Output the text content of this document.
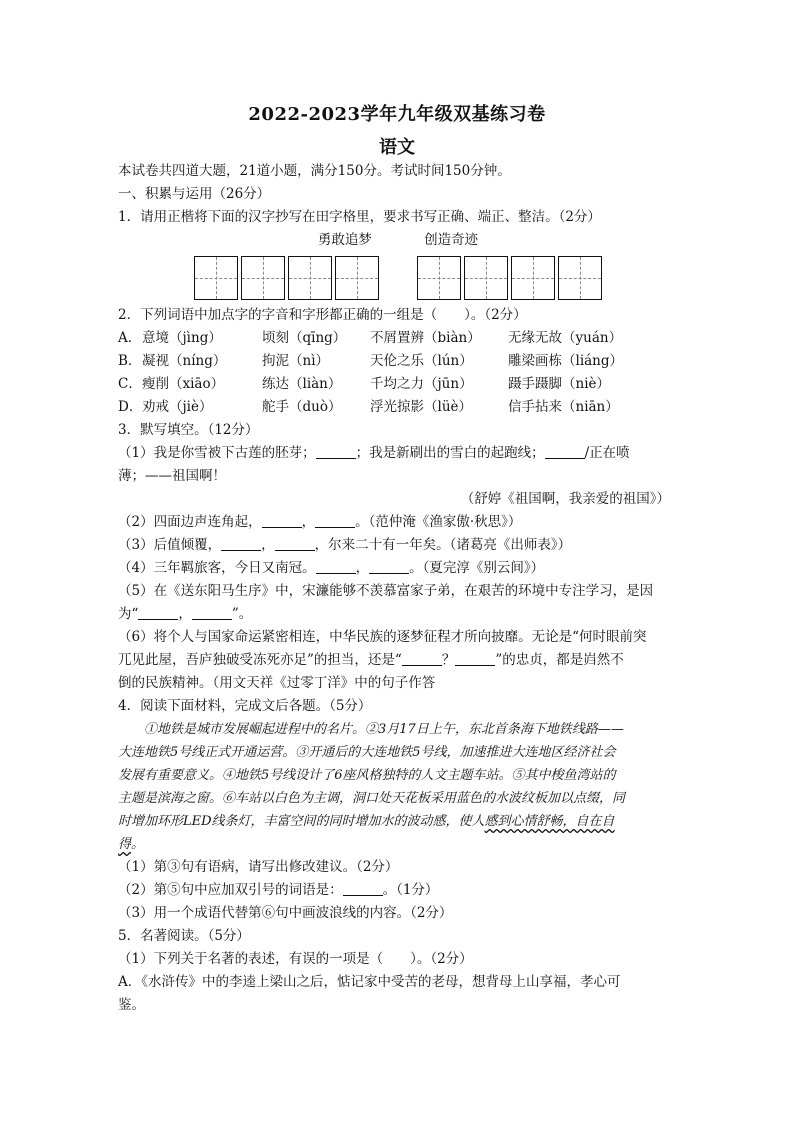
2022-2023学年九年级双基练习卷
语文
本试卷共四道大题，21道小题，满分150分。考试时间150分钟。
一、积累与运用（26分）
1．请用正楷将下面的汉字抄写在田字格里，要求书写正确、端正、整洁。（2分）
勇敢追梦	创造奇迹
2．下列词语中加点字的字音和字形都正确的一组是（　　）。（2分）
A． 意境（jìng）	顷刻（qīng）	不屑置辨（biàn）	无缘无故（yuán）
B． 凝视（níng）	拘泥（nì）	天伦之乐（lún）	雕梁画栋（liáng）
C． 瘦削（xiāo）	练达（liàn）	千均之力（jūn）	蹑手蹑脚（niè）
D． 劝戒（jiè）	舵手（duò）	浮光掠影（lüè）	信手拈来（niān）
3．默写填空。（12分）
（1）我是你雪被下古莲的胚芽；	；我是新刷出的雪白的起跑线；	/正在喷
薄；——祖国啊！
（舒婷《祖国啊，我亲爱的祖国》）
（2）四面边声连角起，	，	。（范仲淹《渔家傲·秋思》）
（3）后值倾覆，	，	，尔来二十有一年矣。（诸葛亮《出师表》）
（4）三年羁旅客，今日又南冠。	，	。（夏完淳《别云间》）
（5）在《送东阳马生序》中，宋濂能够不羡慕富家子弟，在艰苦的环境中专注学习，是因
为“	，	”。
（6）将个人与国家命运紧密相连，中华民族的逐梦征程才所向披靡。无论是“何时眼前突
兀见此屋，吾庐独破受冻死亦足”的担当，还是“	？	”的忠贞，都是岿然不
倒的民族精神。（用文天祥《过零丁洋》中的句子作答
4．阅读下面材料，完成文后各题。（5分）
①地铁是城市发展崛起进程中的名片。②3月17日上午，东北首条海下地铁线路——
大连地铁5号线正式开通运营。③开通后的大连地铁5号线，加速推进大连地区经济社会
发展有重要意义。④地铁5号线设计了6座风格独特的人文主题车站。⑤其中梭鱼湾站的
主题是滨海之窗。⑥车站以白色为主调，洞口处天花板采用蓝色的水波纹板加以点缀，同
时增加环形LED线条灯，丰富空间的同时增加水的波动感，使人感到心情舒畅，自在自
得。
（1）第③句有语病，请写出修改建议。（2分）
（2）第⑤句中应加双引号的词语是：	。（1分）
（3）用一个成语代替第⑥句中画波浪线的内容。（2分）
5．名著阅读。（5分）
（1）下列关于名著的表述，有误的一项是（　　）。（2分）
A．《水浒传》中的李逵上梁山之后，惦记家中受苦的老母，想背母上山享福，孝心可
鉴。
